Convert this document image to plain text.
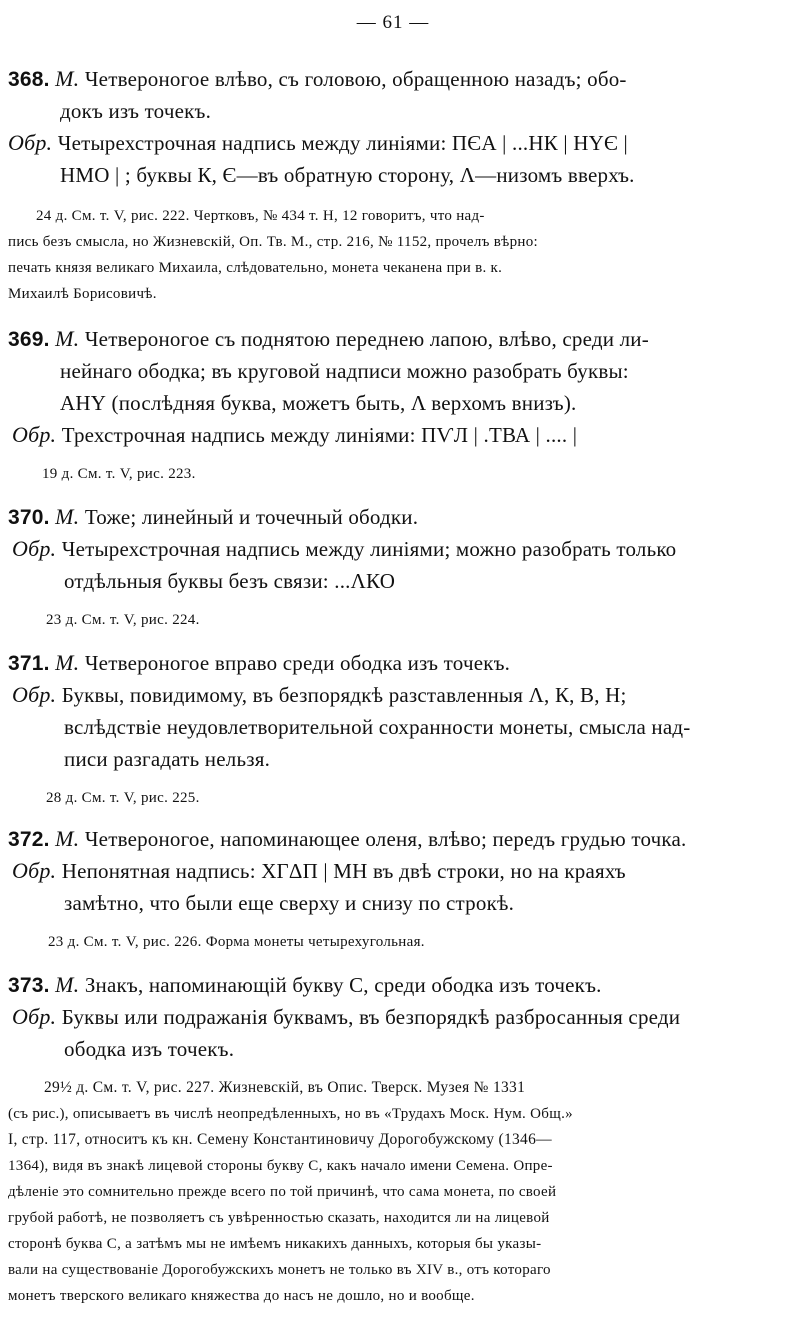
— 61 —
368. М. Четвероногое влѣво, съ головою, обращенною назадъ; обо-
докъ изъ точекъ.
Обр. Четырехстрочная надпись между линіями: ПЄА | ...НК | НҮЄ |
НМО | ; буквы К, Є—въ обратную сторону, Λ—низомъ вверхъ.
24 д. См. т. V, рис. 222. Чертковъ, № 434 т. Н, 12 говоритъ, что над-
пись безъ смысла, но Жизневскій, Оп. Тв. М., стр. 216, № 1152, прочелъ вѣрно:
печать князя великаго Михаила, слѣдовательно, монета чеканена при в. к.
Михаилѣ Борисовичѣ.
369. М. Четвероногое съ поднятою переднею лапою, влѣво, среди ли-
нейнаго ободка; въ круговой надписи можно разобрать буквы:
АНҮ (послѣдняя буква, можетъ быть, Λ верхомъ внизъ).
Обр. Трехстрочная надпись между линіями: ПѴЛ | .ТВА | .... |
19 д. См. т. V, рис. 223.
370. М. Тоже; линейный и точечный ободки.
Обр. Четырехстрочная надпись между линіями; можно разобрать только
отдѣльныя буквы безъ связи: ...ΛКО
23 д. См. т. V, рис. 224.
371. М. Четвероногое вправо среди ободка изъ точекъ.
Обр. Буквы, повидимому, въ безпорядкѣ разставленныя Λ, К, В, Н;
вслѣдствіе неудовлетворительной сохранности монеты, смысла над-
писи разгадать нельзя.
28 д. См. т. V, рис. 225.
372. М. Четвероногое, напоминающее оленя, влѣво; передъ грудью точка.
Обр. Непонятная надпись: ХГΔП | МН въ двѣ строки, но на краяхъ
замѣтно, что были еще сверху и снизу по строкѣ.
23 д. См. т. V, рис. 226. Форма монеты четырехугольная.
373. М. Знакъ, напоминающій букву С, среди ободка изъ точекъ.
Обр. Буквы или подражанія буквамъ, въ безпорядкѣ разбросанныя среди
ободка изъ точекъ.
29½ д. См. т. V, рис. 227. Жизневскій, въ Опис. Тверск. Музея № 1331
(съ рис.), описываетъ въ числѣ неопредѣленныхъ, но въ «Трудахъ Моск. Нум. Общ.»
I, стр. 117, относитъ къ кн. Семену Константиновичу Дорогобужскому (1346—
1364), видя въ знакѣ лицевой стороны букву С, какъ начало имени Семена. Опре-
дѣленіе это сомнительно прежде всего по той причинѣ, что сама монета, по своей
грубой работѣ, не позволяетъ съ увѣренностью сказать, находится ли на лицевой
сторонѣ буква С, а затѣмъ мы не имѣемъ никакихъ данныхъ, которыя бы указы-
вали на существованіе Дорогобужскихъ монетъ не только въ XIV в., отъ котораго
монетъ тверского великаго княжества до насъ не дошло, но и вообще.
